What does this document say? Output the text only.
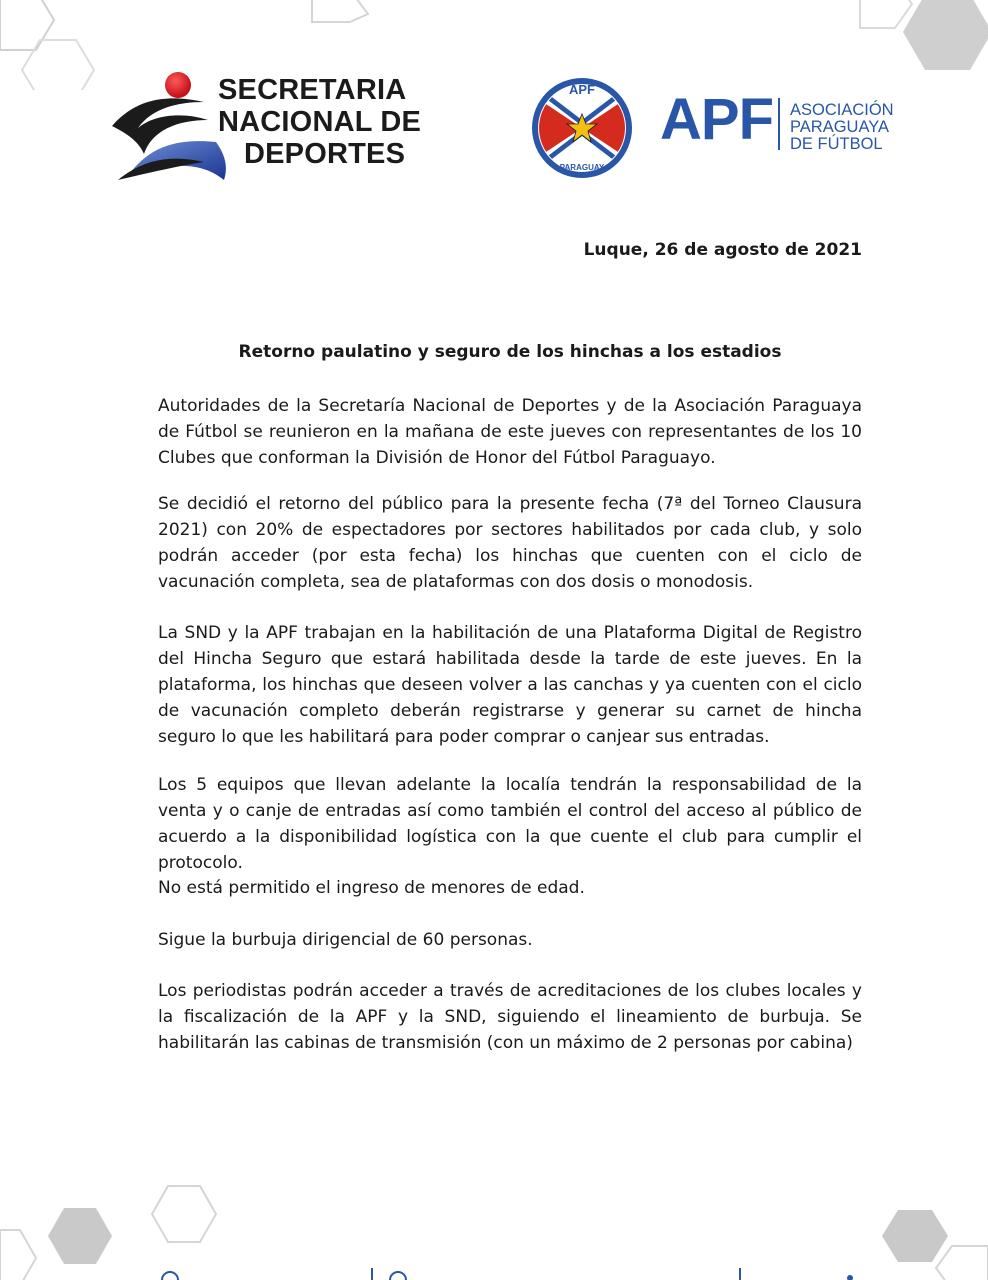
SECRETARIA
NACIONAL DE
DEPORTES
APF
PARAGUAY
APF ASOCIACIÓN
PARAGUAYA
DE FÚTBOL
Luque, 26 de agosto de 2021
Retorno paulatino y seguro de los hinchas a los estadios

Autoridades de la Secretaría Nacional de Deportes y de la Asociación Paraguaya de Fútbol se reunieron en la mañana de este jueves con representantes de los 10 Clubes que conforman la División de Honor del Fútbol Paraguayo.

Se decidió el retorno del público para la presente fecha (7ª del Torneo Clausura 2021) con 20% de espectadores por sectores habilitados por cada club, y solo podrán acceder (por esta fecha) los hinchas que cuenten con el ciclo de vacunación completa, sea de plataformas con dos dosis o monodosis.

La SND y la APF trabajan en la habilitación de una Plataforma Digital de Registro del Hincha Seguro que estará habilitada desde la tarde de este jueves. En la plataforma, los hinchas que deseen volver a las canchas y ya cuenten con el ciclo de vacunación completo deberán registrarse y generar su carnet de hincha seguro lo que les habilitará para poder comprar o canjear sus entradas.

Los 5 equipos que llevan adelante la localía tendrán la responsabilidad de la venta y o canje de entradas así como también el control del acceso al público de acuerdo a la disponibilidad logística con la que cuente el club para cumplir el protocolo.

No está permitido el ingreso de menores de edad.

Sigue la burbuja dirigencial de 60 personas.

Los periodistas podrán acceder a través de acreditaciones de los clubes locales y la fiscalización de la APF y la SND, siguiendo el lineamiento de burbuja. Se habilitarán las cabinas de transmisión (con un máximo de 2 personas por cabina)
